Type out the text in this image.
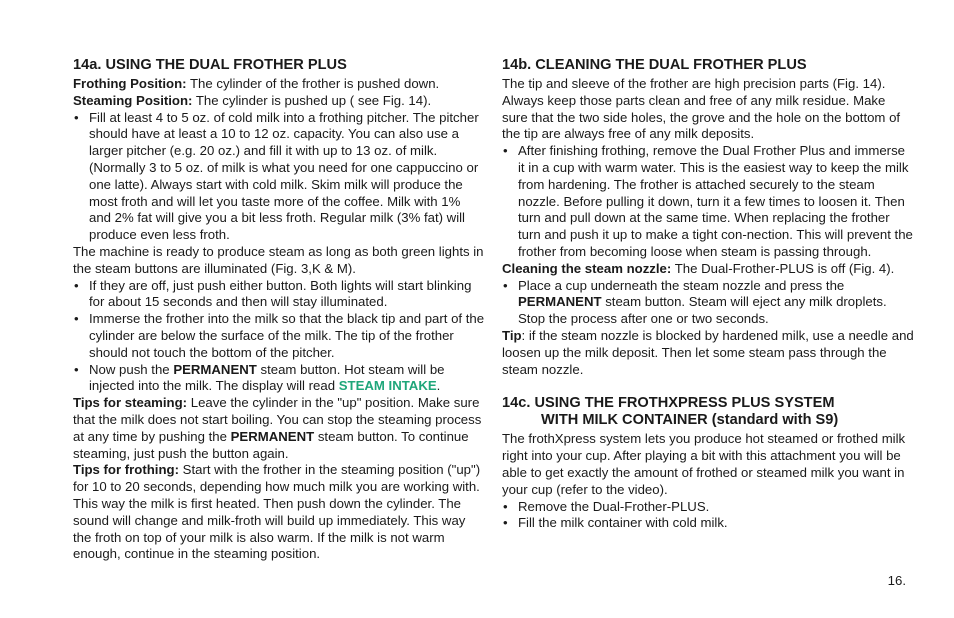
14a. USING THE DUAL FROTHER PLUS

Frothing Position: The cylinder of the frother is pushed down.

Steaming Position: The cylinder is pushed up ( see Fig. 14).

• Fill at least 4 to 5 oz. of cold milk into a frothing pitcher. The pitcher should have at least a 10 to 12 oz. capacity. You can also use a larger pitcher (e.g. 20 oz.) and fill it with up to 13 oz. of milk. (Normally 3 to 5 oz. of milk is what you need for one cappuccino or one latte). Always start with cold milk. Skim milk will produce the most froth and will let you taste more of the coffee. Milk with 1% and 2% fat will give you a bit less froth. Regular milk (3% fat) will produce even less froth.

The machine is ready to produce steam as long as both green lights in the steam buttons are illuminated (Fig. 3,K & M).

• If they are off, just push either button. Both lights will start blinking for about 15 seconds and then will stay illuminated.
• Immerse the frother into the milk so that the black tip and part of the cylinder are below the surface of the milk. The tip of the frother should not touch the bottom of the pitcher.
• Now push the PERMANENT steam button. Hot steam will be injected into the milk. The display will read STEAM INTAKE.

Tips for steaming: Leave the cylinder in the "up" position. Make sure that the milk does not start boiling. You can stop the steaming process at any time by pushing the PERMANENT steam button. To continue steaming, just push the button again.

Tips for frothing: Start with the frother in the steaming position ("up") for 10 to 20 seconds, depending how much milk you are working with. This way the milk is first heated. Then push down the cylinder. The sound will change and milk-froth will build up immediately. This way the froth on top of your milk is also warm. If the milk is not warm enough, continue in the steaming position.

14b. CLEANING THE DUAL FROTHER PLUS

The tip and sleeve of the frother are high precision parts (Fig. 14). Always keep those parts clean and free of any milk residue. Make sure that the two side holes, the grove and the hole on the bottom of the tip are always free of any milk deposits.

• After finishing frothing, remove the Dual Frother Plus and immerse it in a cup with warm water. This is the easiest way to keep the milk from hardening. The frother is attached securely to the steam nozzle. Before pulling it down, turn it a few times to loosen it. Then turn and pull down at the same time. When replacing the frother turn and push it up to make a tight con-nection. This will prevent the frother from becoming loose when steam is passing through.

Cleaning the steam nozzle: The Dual-Frother-PLUS is off (Fig. 4).

• Place a cup underneath the steam nozzle and press the PERMANENT steam button. Steam will eject any milk droplets. Stop the process after one or two seconds.

Tip: if the steam nozzle is blocked by hardened milk, use a needle and loosen up the milk deposit. Then let some steam pass through the steam nozzle.

14c. USING THE FROTHXPRESS PLUS SYSTEM
WITH MILK CONTAINER (standard with S9)

The frothXpress system lets you produce hot steamed or frothed milk right into your cup. After playing a bit with this attachment you will be able to get exactly the amount of frothed or steamed milk you want in your cup (refer to the video).

• Remove the Dual-Frother-PLUS.
• Fill the milk container with cold milk.
16.
